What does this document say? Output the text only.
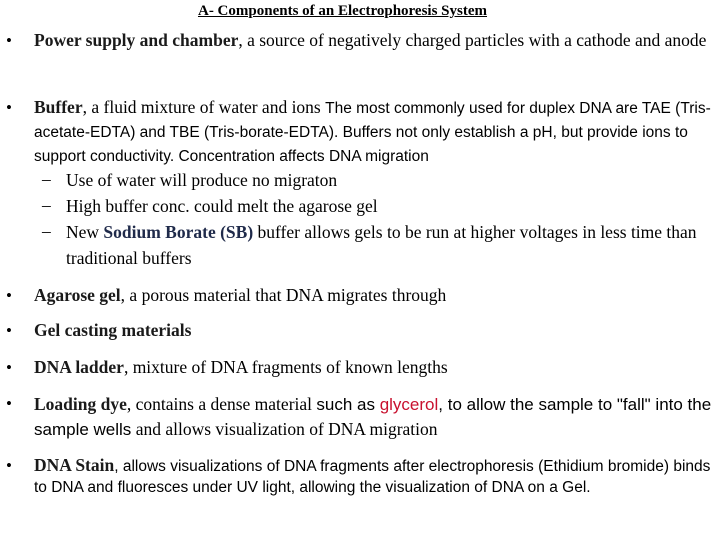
A- Components of an Electrophoresis System
• Power supply and chamber, a source of negatively charged particles with a cathode and anode
• Buffer, a fluid mixture of water and ions The most commonly used for duplex DNA are TAE (Tris-acetate-EDTA) and TBE (Tris-borate-EDTA). Buffers not only establish a pH, but provide ions to support conductivity. Concentration affects DNA migration
– Use of water will produce no migraton
– High buffer conc. could melt the agarose gel
– New Sodium Borate (SB) buffer allows gels to be run at higher voltages in less time than traditional buffers
• Agarose gel, a porous material that DNA migrates through
• Gel casting materials
• DNA ladder, mixture of DNA fragments of known lengths
• Loading dye, contains a dense material such as glycerol, to allow the sample to "fall" into the sample wells and allows visualization of DNA migration
• DNA Stain, allows visualizations of DNA fragments after electrophoresis (Ethidium bromide) binds to DNA and fluoresces under UV light, allowing the visualization of DNA on a Gel.
